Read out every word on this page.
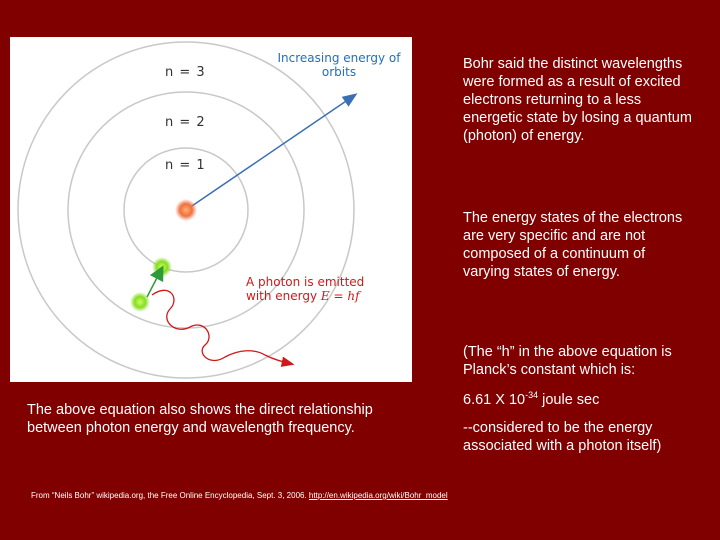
n = 3
n = 2
n = 1
Increasing energy of orbits
A photon is emitted
with energy E = hf
Bohr said the distinct wavelengths were formed as a result of excited electrons returning to a less energetic state by losing a quantum (photon) of energy.
The energy states of the electrons are very specific and are not composed of a continuum of varying states of energy.
(The “h” in the above equation is Planck’s constant which is:
6.61 X $10^{-34}$ joule sec
--considered to be the energy associated with a photon itself)
The above equation also shows the direct relationship between photon energy and wavelength frequency.
From “Neils Bohr” wikipedia.org, the Free Online Encyclopedia, Sept. 3, 2006. http://en.wikipedia.org/wiki/Bohr_model
